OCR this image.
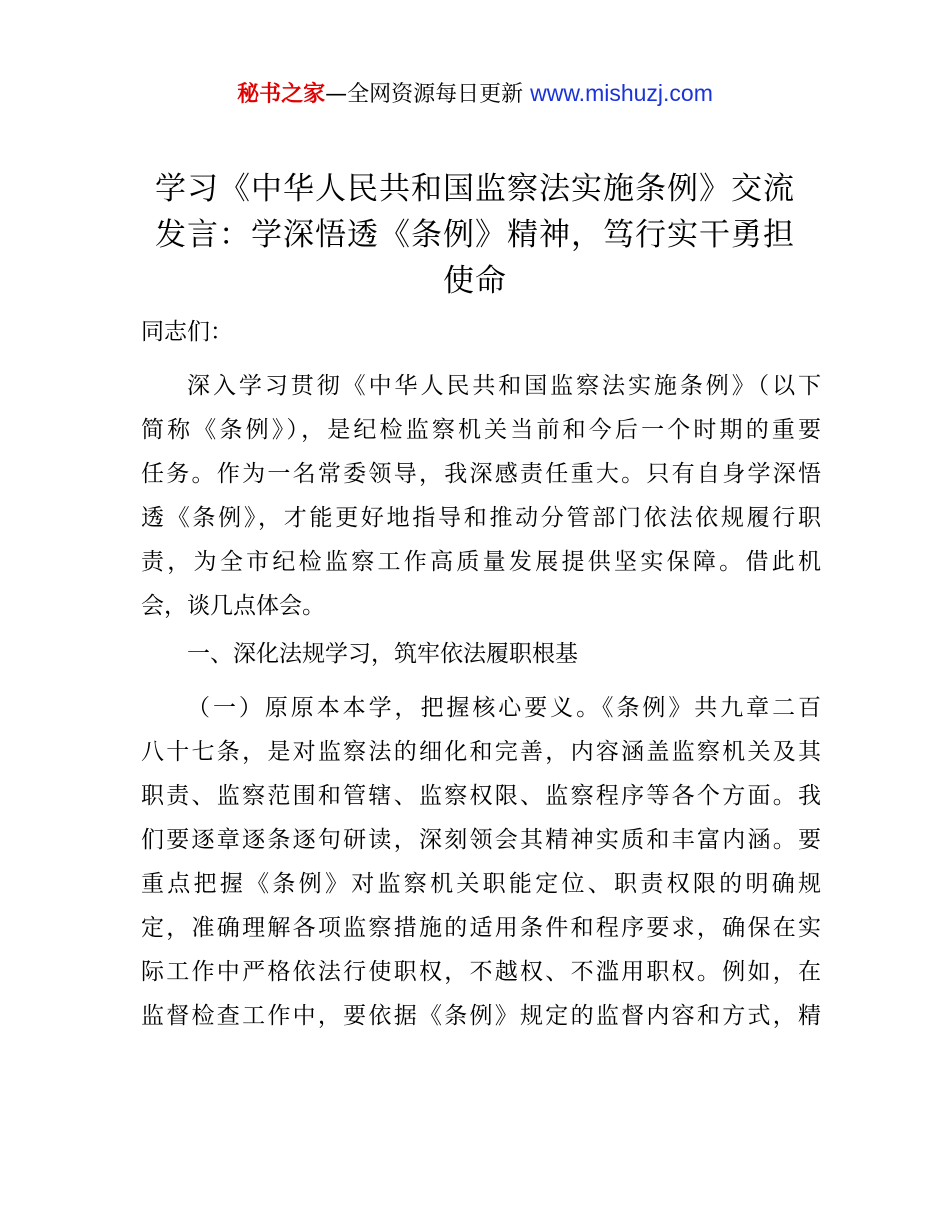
秘书之家—全网资源每日更新 www.mishuzj.com
学习《中华人民共和国监察法实施条例》交流
发言：学深悟透《条例》精神，笃行实干勇担
使命
同志们：
深入学习贯彻《中华人民共和国监察法实施条例》（以下
简称《条例》），是纪检监察机关当前和今后一个时期的重要
任务。作为一名常委领导，我深感责任重大。只有自身学深悟
透《条例》，才能更好地指导和推动分管部门依法依规履行职
责，为全市纪检监察工作高质量发展提供坚实保障。借此机
会，谈几点体会。
一、深化法规学习，筑牢依法履职根基
（一）原原本本学，把握核心要义。《条例》共九章二百
八十七条，是对监察法的细化和完善，内容涵盖监察机关及其
职责、监察范围和管辖、监察权限、监察程序等各个方面。我
们要逐章逐条逐句研读，深刻领会其精神实质和丰富内涵。要
重点把握《条例》对监察机关职能定位、职责权限的明确规
定，准确理解各项监察措施的适用条件和程序要求，确保在实
际工作中严格依法行使职权，不越权、不滥用职权。例如，在
监督检查工作中，要依据《条例》规定的监督内容和方式，精
